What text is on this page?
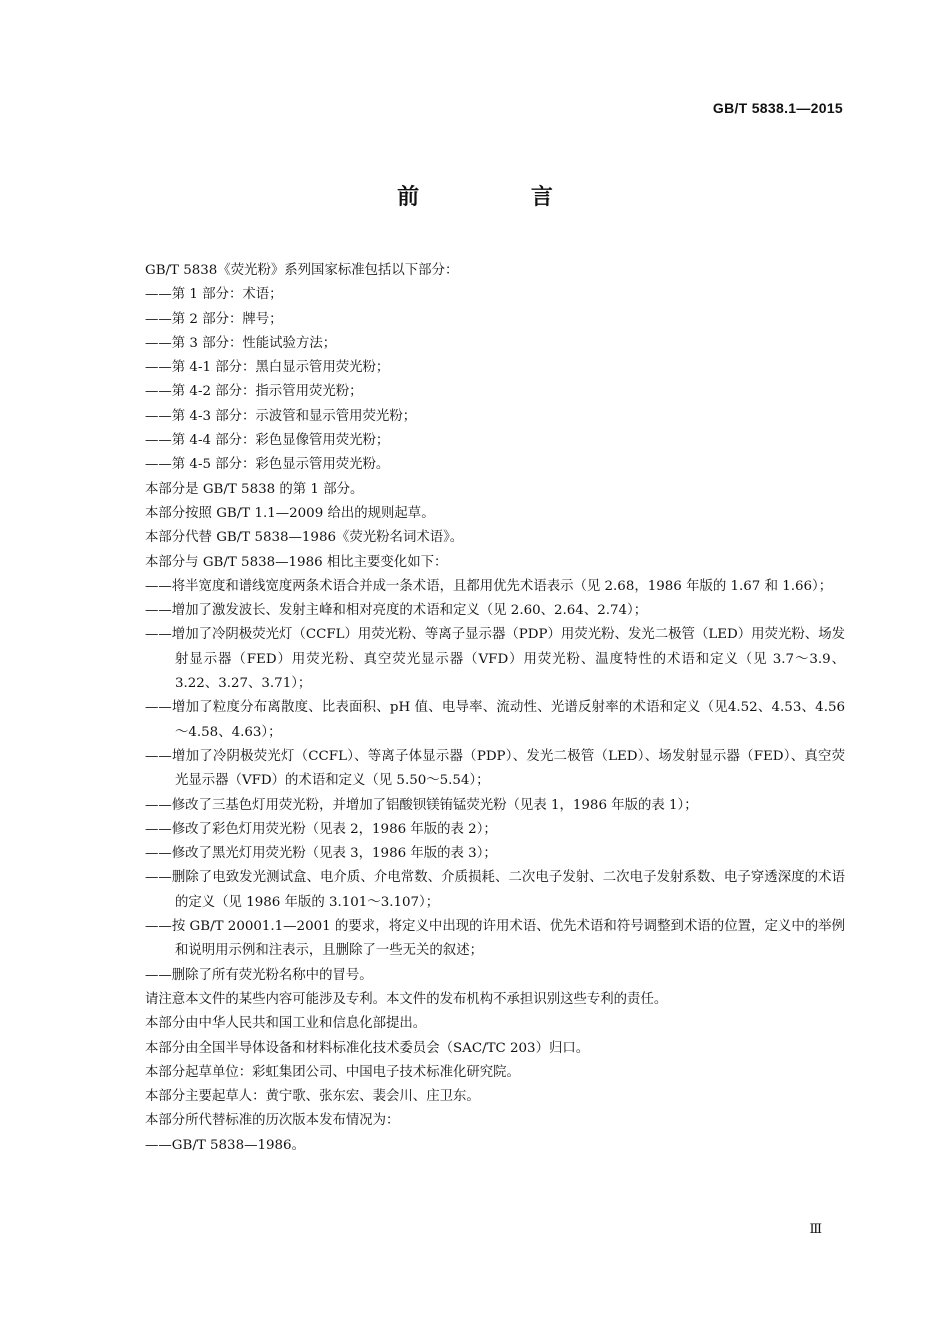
GB/T 5838.1—2015
前 言
GB/T 5838《荧光粉》系列国家标准包括以下部分：
——第 1 部分：术语；
——第 2 部分：牌号；
——第 3 部分：性能试验方法；
——第 4-1 部分：黑白显示管用荧光粉；
——第 4-2 部分：指示管用荧光粉；
——第 4-3 部分：示波管和显示管用荧光粉；
——第 4-4 部分：彩色显像管用荧光粉；
——第 4-5 部分：彩色显示管用荧光粉。
本部分是 GB/T 5838 的第 1 部分。
本部分按照 GB/T 1.1—2009 给出的规则起草。
本部分代替 GB/T 5838—1986《荧光粉名词术语》。
本部分与 GB/T 5838—1986 相比主要变化如下：
——将半宽度和谱线宽度两条术语合并成一条术语，且都用优先术语表示（见 2.68，1986 年版的 1.67 和 1.66）；
——增加了激发波长、发射主峰和相对亮度的术语和定义（见 2.60、2.64、2.74）；
——增加了冷阴极荧光灯（CCFL）用荧光粉、等离子显示器（PDP）用荧光粉、发光二极管（LED）用荧光粉、场发射显示器（FED）用荧光粉、真空荧光显示器（VFD）用荧光粉、温度特性的术语和定义（见 3.7～3.9、3.22、3.27、3.71）；
——增加了粒度分布离散度、比表面积、pH 值、电导率、流动性、光谱反射率的术语和定义（见4.52、4.53、4.56～4.58、4.63）；
——增加了冷阴极荧光灯（CCFL）、等离子体显示器（PDP）、发光二极管（LED）、场发射显示器（FED）、真空荧光显示器（VFD）的术语和定义（见 5.50～5.54）；
——修改了三基色灯用荧光粉，并增加了铝酸钡镁铕锰荧光粉（见表 1，1986 年版的表 1）；
——修改了彩色灯用荧光粉（见表 2，1986 年版的表 2）；
——修改了黑光灯用荧光粉（见表 3，1986 年版的表 3）；
——删除了电致发光测试盒、电介质、介电常数、介质损耗、二次电子发射、二次电子发射系数、电子穿透深度的术语的定义（见 1986 年版的 3.101～3.107）；
——按 GB/T 20001.1—2001 的要求，将定义中出现的许用术语、优先术语和符号调整到术语的位置，定义中的举例和说明用示例和注表示，且删除了一些无关的叙述；
——删除了所有荧光粉名称中的冒号。
请注意本文件的某些内容可能涉及专利。本文件的发布机构不承担识别这些专利的责任。
本部分由中华人民共和国工业和信息化部提出。
本部分由全国半导体设备和材料标准化技术委员会（SAC/TC 203）归口。
本部分起草单位：彩虹集团公司、中国电子技术标准化研究院。
本部分主要起草人：黄宁歌、张东宏、裴会川、庄卫东。
本部分所代替标准的历次版本发布情况为：
——GB/T 5838—1986。
Ⅲ
